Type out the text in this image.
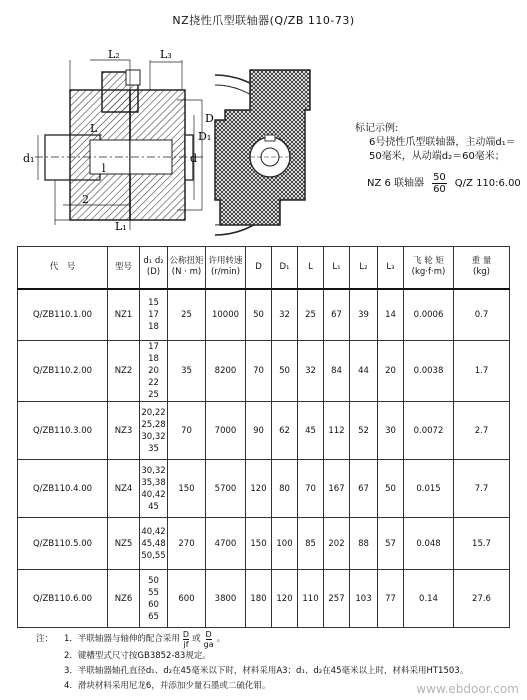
NZ挠性爪型联轴器(Q/ZB 110-73)
L₂	L₃
L
l
d₁	d
D₁
D
2
L₁
标记示例:
6号挠性爪型联轴器，主动端d₁＝50毫米，从动端d₂＝60毫米；
NZ 6 联轴器 $\frac{50}{60} Q/Z$ 110:6.00
代　号	型号	d₁ d₂
(D)	公称扭矩
(N · m)	许用转速
(r/min)	D	D₁	L	L₁	L₂	L₃	飞 轮 矩
(kg·f·m)	重 量
(kg)

Q/ZB110.1.00	NZ1	15
17
18	25	10000	50	32	25	67	39	14	0.0006	0.7
Q/ZB110.2.00	NZ2	17
18
20
22
25	35	8200	70	50	32	84	44	20	0.0038	1.7
Q/ZB110.3.00	NZ3	20,22
25,28
30,32
35	70	7000	90	62	45	112	52	30	0.0072	2.7
Q/ZB110.4.00	NZ4	30,32
35,38
40,42
45	150	5700	120	80	70	167	67	50	0.015	7.7
Q/ZB110.5.00	NZ5	40,42
45,48
50,55	270	4700	150	100	85	202	88	57	0.048	15.7
Q/ZB110.6.00	NZ6	50
55
60
65	600	3800	180	120	110	257	103	77	0.14	27.6
注：	1．半联轴器与轴伸的配合采用 D
jf
或 D
ga
。
2．键槽型式尺寸按GB3852-83规定。
3．半联轴器轴孔直径d₁、d₂在45毫米以下时，材料采用A3；d₁、d₂在45毫米以上时，材料采用HT1503。
4．滑块材料采用尼龙6，并添加少量石墨或二硫化钼。	www.ebdoor.com
